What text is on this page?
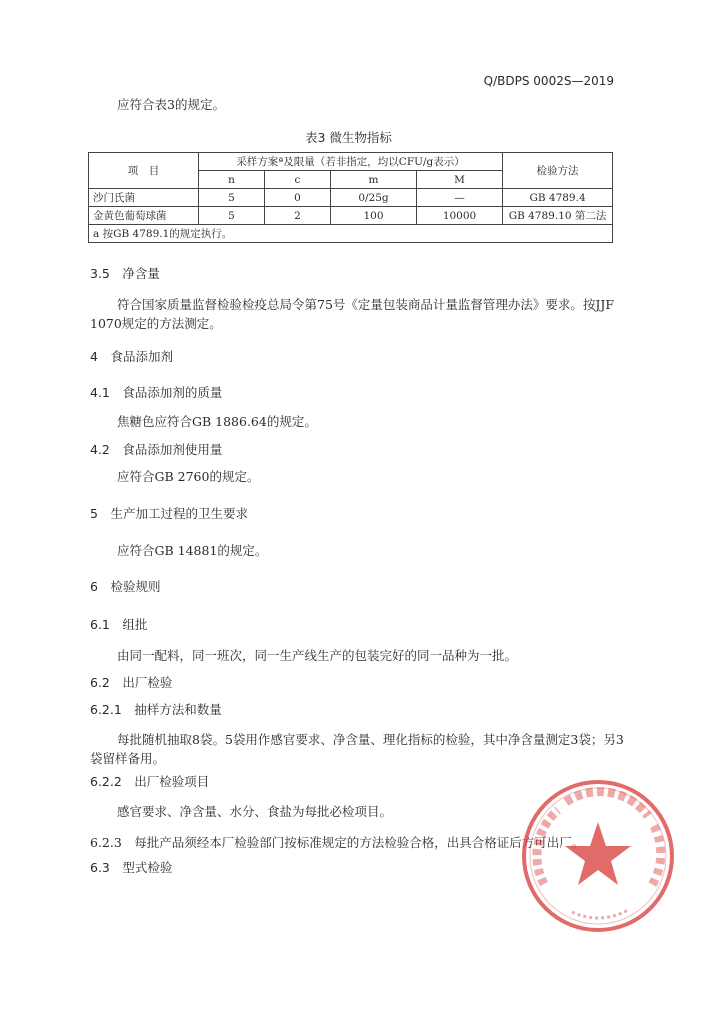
Q/BDPS 0002S—2019
应符合表3的规定。
表3 微生物指标
项　目	采样方案ª及限量（若非指定，均以CFU/g表示）				检验方法
	n	c	m	M	
沙门氏菌	5	0	0/25g	—	GB 4789.4
金黄色葡萄球菌	5	2	100	10000	GB 4789.10 第二法
a 按GB 4789.1的规定执行。					
3.5　净含量
符合国家质量监督检验检疫总局令第75号《定量包装商品计量监督管理办法》要求。按JJF
1070规定的方法测定。
4　食品添加剂
4.1　食品添加剂的质量
焦糖色应符合GB 1886.64的规定。
4.2　食品添加剂使用量
应符合GB 2760的规定。
5　生产加工过程的卫生要求
应符合GB 14881的规定。
6　检验规则
6.1　组批
由同一配料，同一班次，同一生产线生产的包装完好的同一品种为一批。
6.2　出厂检验
6.2.1　抽样方法和数量
每批随机抽取8袋。5袋用作感官要求、净含量、理化指标的检验，其中净含量测定3袋；另3
袋留样备用。
6.2.2　出厂检验项目
感官要求、净含量、水分、食盐为每批必检项目。
6.2.3　每批产品须经本厂检验部门按标准规定的方法检验合格，出具合格证后方可出厂。
6.3　型式检验
